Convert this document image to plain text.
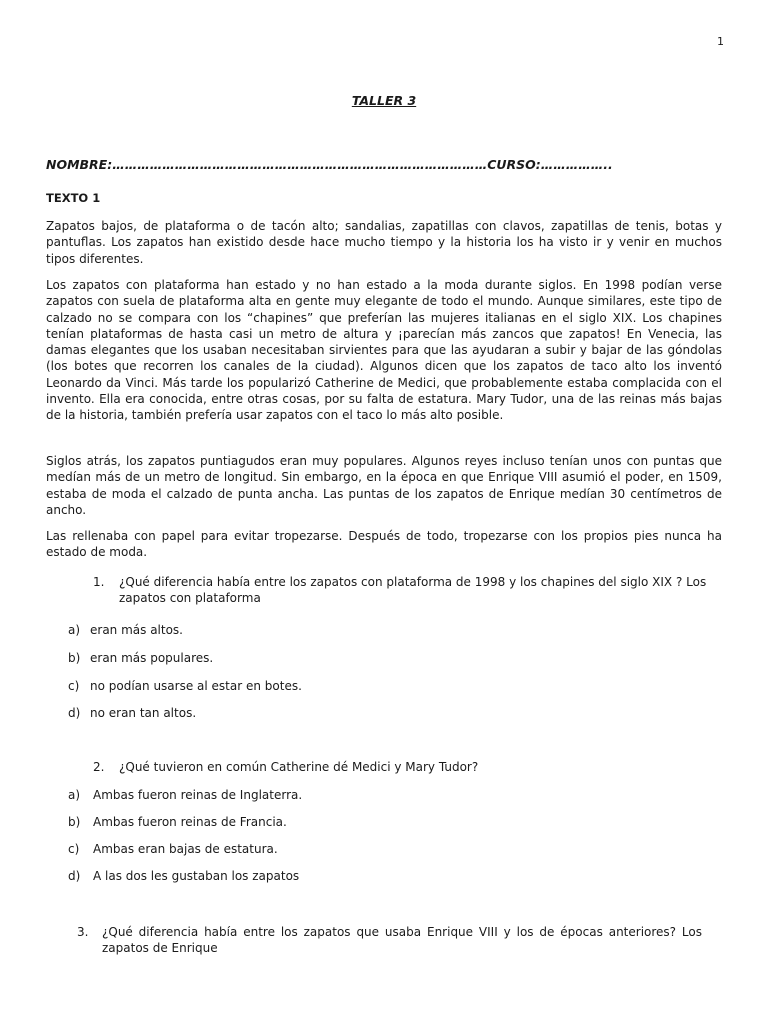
1
TALLER 3
NOMBRE:………………………………………………………………………………CURSO:……………..
TEXTO 1

Zapatos bajos, de plataforma o de tacón alto; sandalias, zapatillas con clavos, zapatillas de tenis, botas y pantuflas. Los zapatos han existido desde hace mucho tiempo y la historia los ha visto ir y venir en muchos tipos diferentes.

Los zapatos con plataforma han estado y no han estado a la moda durante siglos. En 1998 podían verse zapatos con suela de plataforma alta en gente muy elegante de todo el mundo. Aunque similares, este tipo de calzado no se compara con los “chapines” que preferían las mujeres italianas en el siglo XIX. Los chapines tenían plataformas de hasta casi un metro de altura y ¡parecían más zancos que zapatos! En Venecia, las damas elegantes que los usaban necesitaban sirvientes para que las ayudaran a subir y bajar de las góndolas (los botes que recorren los canales de la ciudad). Algunos dicen que los zapatos de taco alto los inventó Leonardo da Vinci. Más tarde los popularizó Catherine de Medici, que probablemente estaba complacida con el invento. Ella era conocida, entre otras cosas, por su falta de estatura. Mary Tudor, una de las reinas más bajas de la historia, también prefería usar zapatos con el taco lo más alto posible.

Siglos atrás, los zapatos puntiagudos eran muy populares. Algunos reyes incluso tenían unos con puntas que medían más de un metro de longitud. Sin embargo, en la época en que Enrique VIII asumió el poder, en 1509, estaba de moda el calzado de punta ancha. Las puntas de los zapatos de Enrique medían 30 centímetros de ancho.

Las rellenaba con papel para evitar tropezarse. Después de todo, tropezarse con los propios pies nunca ha estado de moda.

1. ¿Qué diferencia había entre los zapatos con plataforma de 1998 y los chapines del siglo XIX ? Los zapatos con plataforma
a) eran más altos.
b) eran más populares.
c) no podían usarse al estar en botes.
d) no eran tan altos.
2. ¿Qué tuvieron en común Catherine dé Medici y Mary Tudor?
a) Ambas fueron reinas de Inglaterra.
b) Ambas fueron reinas de Francia.
c) Ambas eran bajas de estatura.
d) A las dos les gustaban los zapatos
3. ¿Qué diferencia había entre los zapatos que usaba Enrique VIII y los de épocas anteriores? Los zapatos de Enrique
